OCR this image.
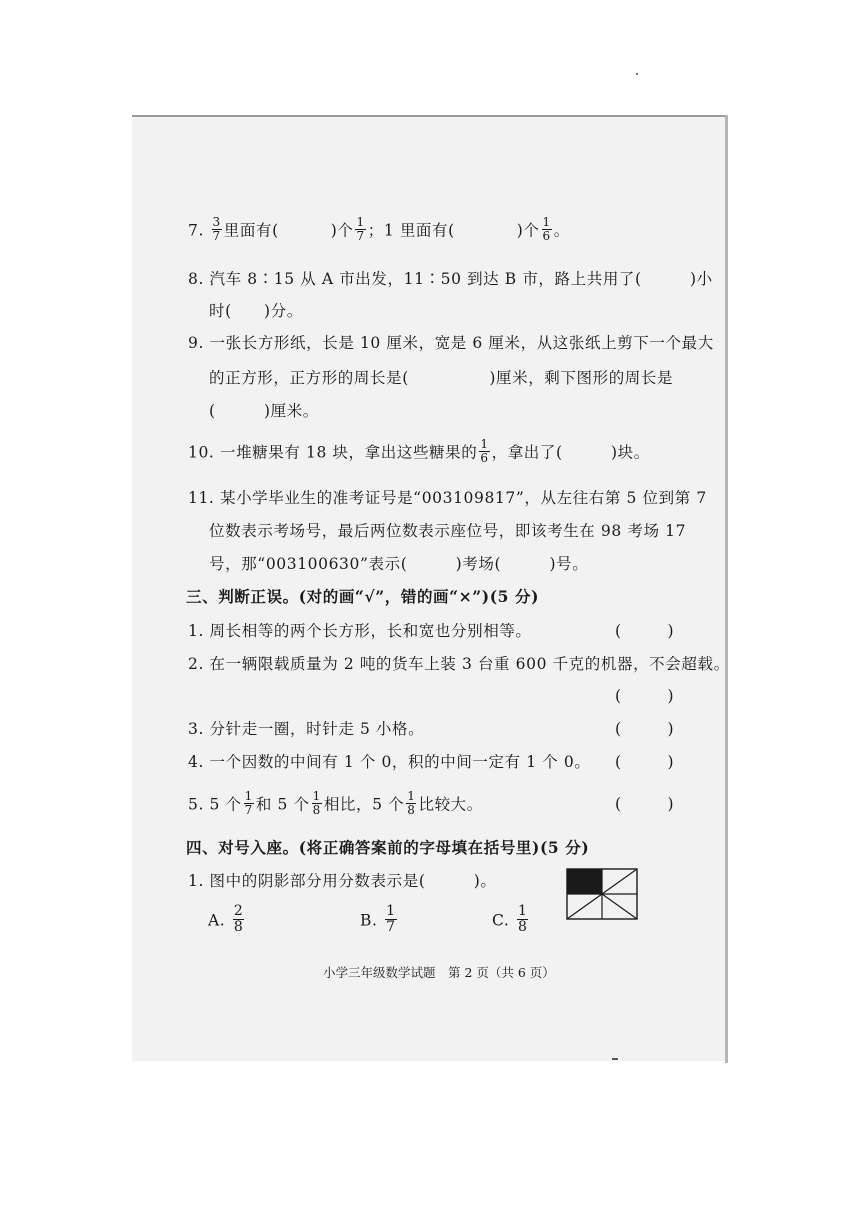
7. $\frac{3}{7}$ 里面有(	)个 $\frac{1}{7}$ ；1 里面有(	)个 $\frac{1}{6}$ 。
8. 汽车 8∶15 从 A 市出发，11∶50 到达 B 市，路上共用了(　　　)小
时(　　)分。
9. 一张长方形纸，长是 10 厘米，宽是 6 厘米，从这张纸上剪下一个最大
的正方形，正方形的周长是(　　　　　)厘米，剩下图形的周长是
(　　　)厘米。
10. 一堆糖果有 18 块，拿出这些糖果的 $\frac{1}{6}$ ，拿出了(　　　)块。
11. 某小学毕业生的准考证号是“003109817”，从左往右第 5 位到第 7
位数表示考场号，最后两位数表示座位号，即该考生在 98 考场 17
号，那“003100630”表示(　　　)考场(　　　)号。
三、判断正误。(对的画“√”，错的画“×”)(5 分)
1. 周长相等的两个长方形，长和宽也分别相等。	(　　　)
2. 在一辆限载质量为 2 吨的货车上装 3 台重 600 千克的机器，不会超载。
(　　　)
3. 分针走一圈，时针走 5 小格。	(　　　)
4. 一个因数的中间有 1 个 0，积的中间一定有 1 个 0。 (　　　)
5. 5 个 $\frac{1}{7}$ 和 5 个 $\frac{1}{8}$ 相比，5 个 $\frac{1}{8}$ 比较大。	(　　　)
四、对号入座。(将正确答案前的字母填在括号里)(5 分)
1. 图中的阴影部分用分数表示是(　　　)。
A. $\frac{2}{8}$	B. $\frac{1}{7}$	C. $\frac{1}{8}$
小学三年级数学试题　第 2 页（共 6 页）
